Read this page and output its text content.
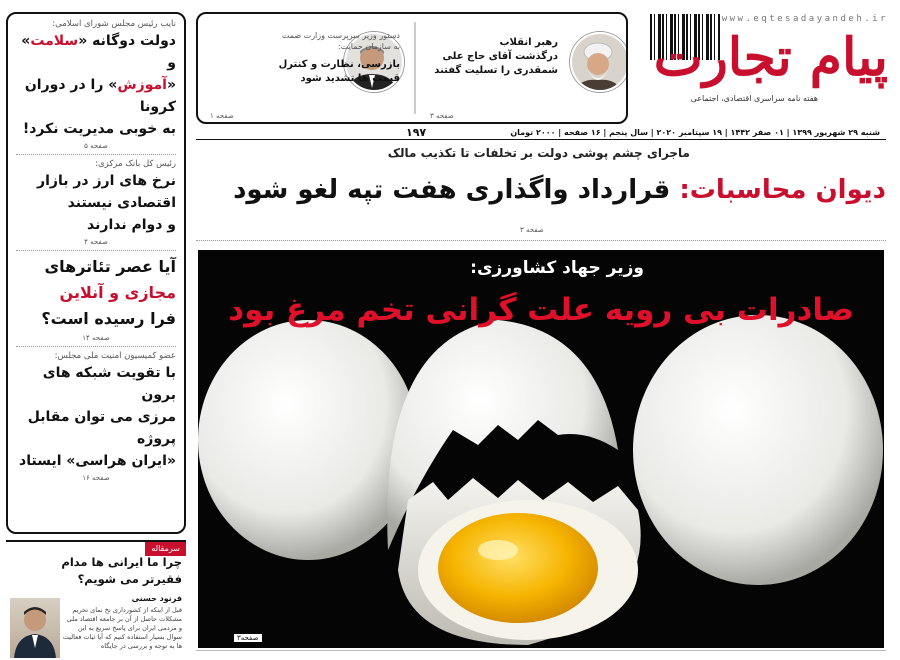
نایب رئیس مجلس شورای اسلامی:
دولت دوگانه «سلامت» و
«آموزش» را در دوران کرونا
به خوبی مدیریت نکرد!
صفحه ۵
رئیس کل بانک مرکزی:
نرخ های ارز در بازار
اقتصادی نیستند
و دوام ندارند
صفحه ۴
آیا عصر تئاترهای
مجازی و آنلاین
فرا رسیده است؟
صفحه ۱۴
عضو کمیسیون امنیت ملی مجلس:
با تقویت شبکه های برون
مرزی می توان مقابل پروژه
«ایران هراسی» ایستاد
صفحه ۱۶
سرمقاله
چرا ما ایرانی ها مدام
فقیرتر می شویم؟
فرنود حسنی
قبل از اینکه از کشورداری نخ نمای تحریم مشکلات حاصل از آن بر جامعه اقتصاد ملی و مردمی ایران برای پاسخ سریع به این سوال بسیار استفاده کنیم که آیا ثبات فعالیت ها به توجه و بررسی در جایگاه
رهبر انقلاب
درگذشت آقای حاج علی
شمقدری را تسلیت گفتند
صفحه ۳
دستور وزیر سرپرست وزارت صمت
به سازمان حمایت:
بازرسی، نظارت و کنترل
قیمت ها تشدید شود
صفحه ۱
www.eqtesadayandeh.ir
پیام تجارت
هفته نامه سراسری اقتصادی، اجتماعی
شنبه ۲۹ شهریور ۱۳۹۹ | ۰۱ صفر ۱۴۴۲ | ۱۹ سپتامبر ۲۰۲۰ | سال پنجم | ۱۶ صفحه | ۲۰۰۰ تومان
۱۹۷
ماجرای چشم پوشی دولت بر تخلفات تا تکذیب مالک
دیوان محاسبات: قرارداد واگذاری هفت تپه لغو شود
صفحه ۳
وزیر جهاد کشاورزی:
صادرات بی رویه علت گرانی تخم مرغ بود
صفحه۳
